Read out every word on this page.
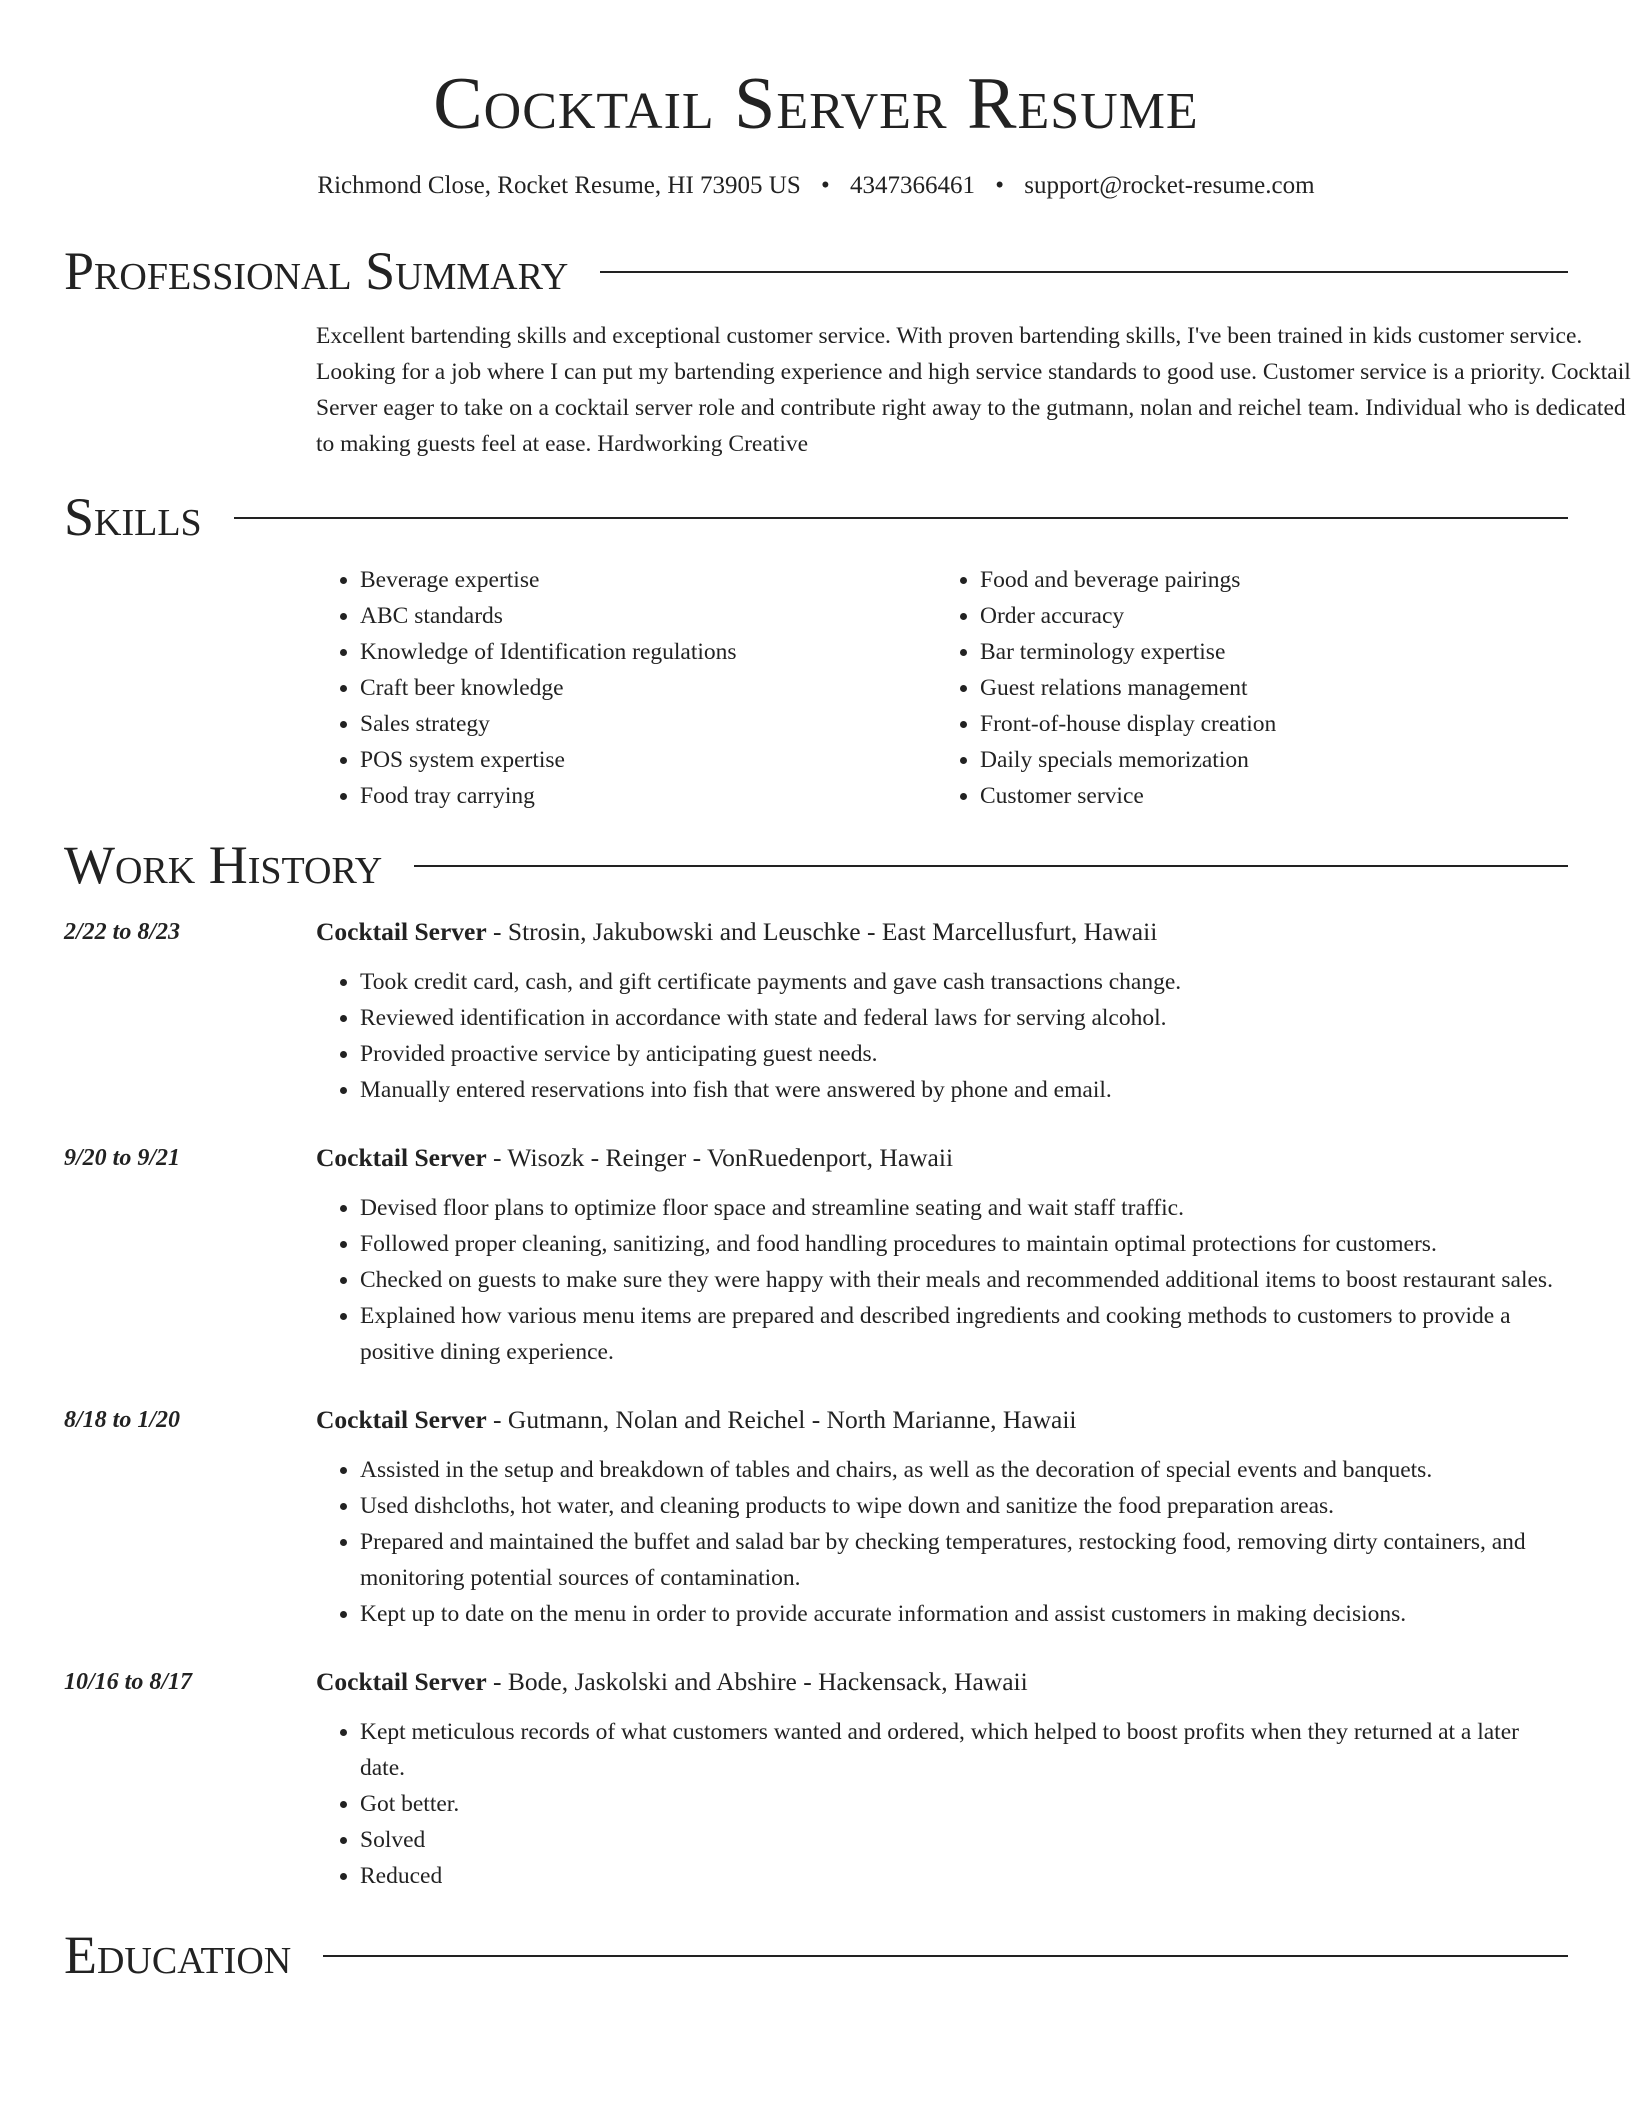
Cocktail Server Resume
Richmond Close, Rocket Resume, HI 73905 US • 4347366461 • support@rocket-resume.com
Professional Summary
Excellent bartending skills and exceptional customer service. With proven bartending skills, I've been trained in kids customer service. Looking for a job where I can put my bartending experience and high service standards to good use. Customer service is a priority. Cocktail Server eager to take on a cocktail server role and contribute right away to the gutmann, nolan and reichel team. Individual who is dedicated to making guests feel at ease. Hardworking Creative
Skills
• Beverage expertise
• ABC standards
• Knowledge of Identification regulations
• Craft beer knowledge
• Sales strategy
• POS system expertise
• Food tray carrying
• Food and beverage pairings
• Order accuracy
• Bar terminology expertise
• Guest relations management
• Front-of-house display creation
• Daily specials memorization
• Customer service
Work History
2/22 to 8/23	Cocktail Server - Strosin, Jakubowski and Leuschke - East Marcellusfurt, Hawaii
• Took credit card, cash, and gift certificate payments and gave cash transactions change.
• Reviewed identification in accordance with state and federal laws for serving alcohol.
• Provided proactive service by anticipating guest needs.
• Manually entered reservations into fish that were answered by phone and email.
9/20 to 9/21	Cocktail Server - Wisozk - Reinger - VonRuedenport, Hawaii
• Devised floor plans to optimize floor space and streamline seating and wait staff traffic.
• Followed proper cleaning, sanitizing, and food handling procedures to maintain optimal protections for customers.
• Checked on guests to make sure they were happy with their meals and recommended additional items to boost restaurant sales.
• Explained how various menu items are prepared and described ingredients and cooking methods to customers to provide a positive dining experience.
8/18 to 1/20	Cocktail Server - Gutmann, Nolan and Reichel - North Marianne, Hawaii
• Assisted in the setup and breakdown of tables and chairs, as well as the decoration of special events and banquets.
• Used dishcloths, hot water, and cleaning products to wipe down and sanitize the food preparation areas.
• Prepared and maintained the buffet and salad bar by checking temperatures, restocking food, removing dirty containers, and monitoring potential sources of contamination.
• Kept up to date on the menu in order to provide accurate information and assist customers in making decisions.
10/16 to 8/17	Cocktail Server - Bode, Jaskolski and Abshire - Hackensack, Hawaii
• Kept meticulous records of what customers wanted and ordered, which helped to boost profits when they returned at a later date.
• Got better.
• Solved
• Reduced
Education
